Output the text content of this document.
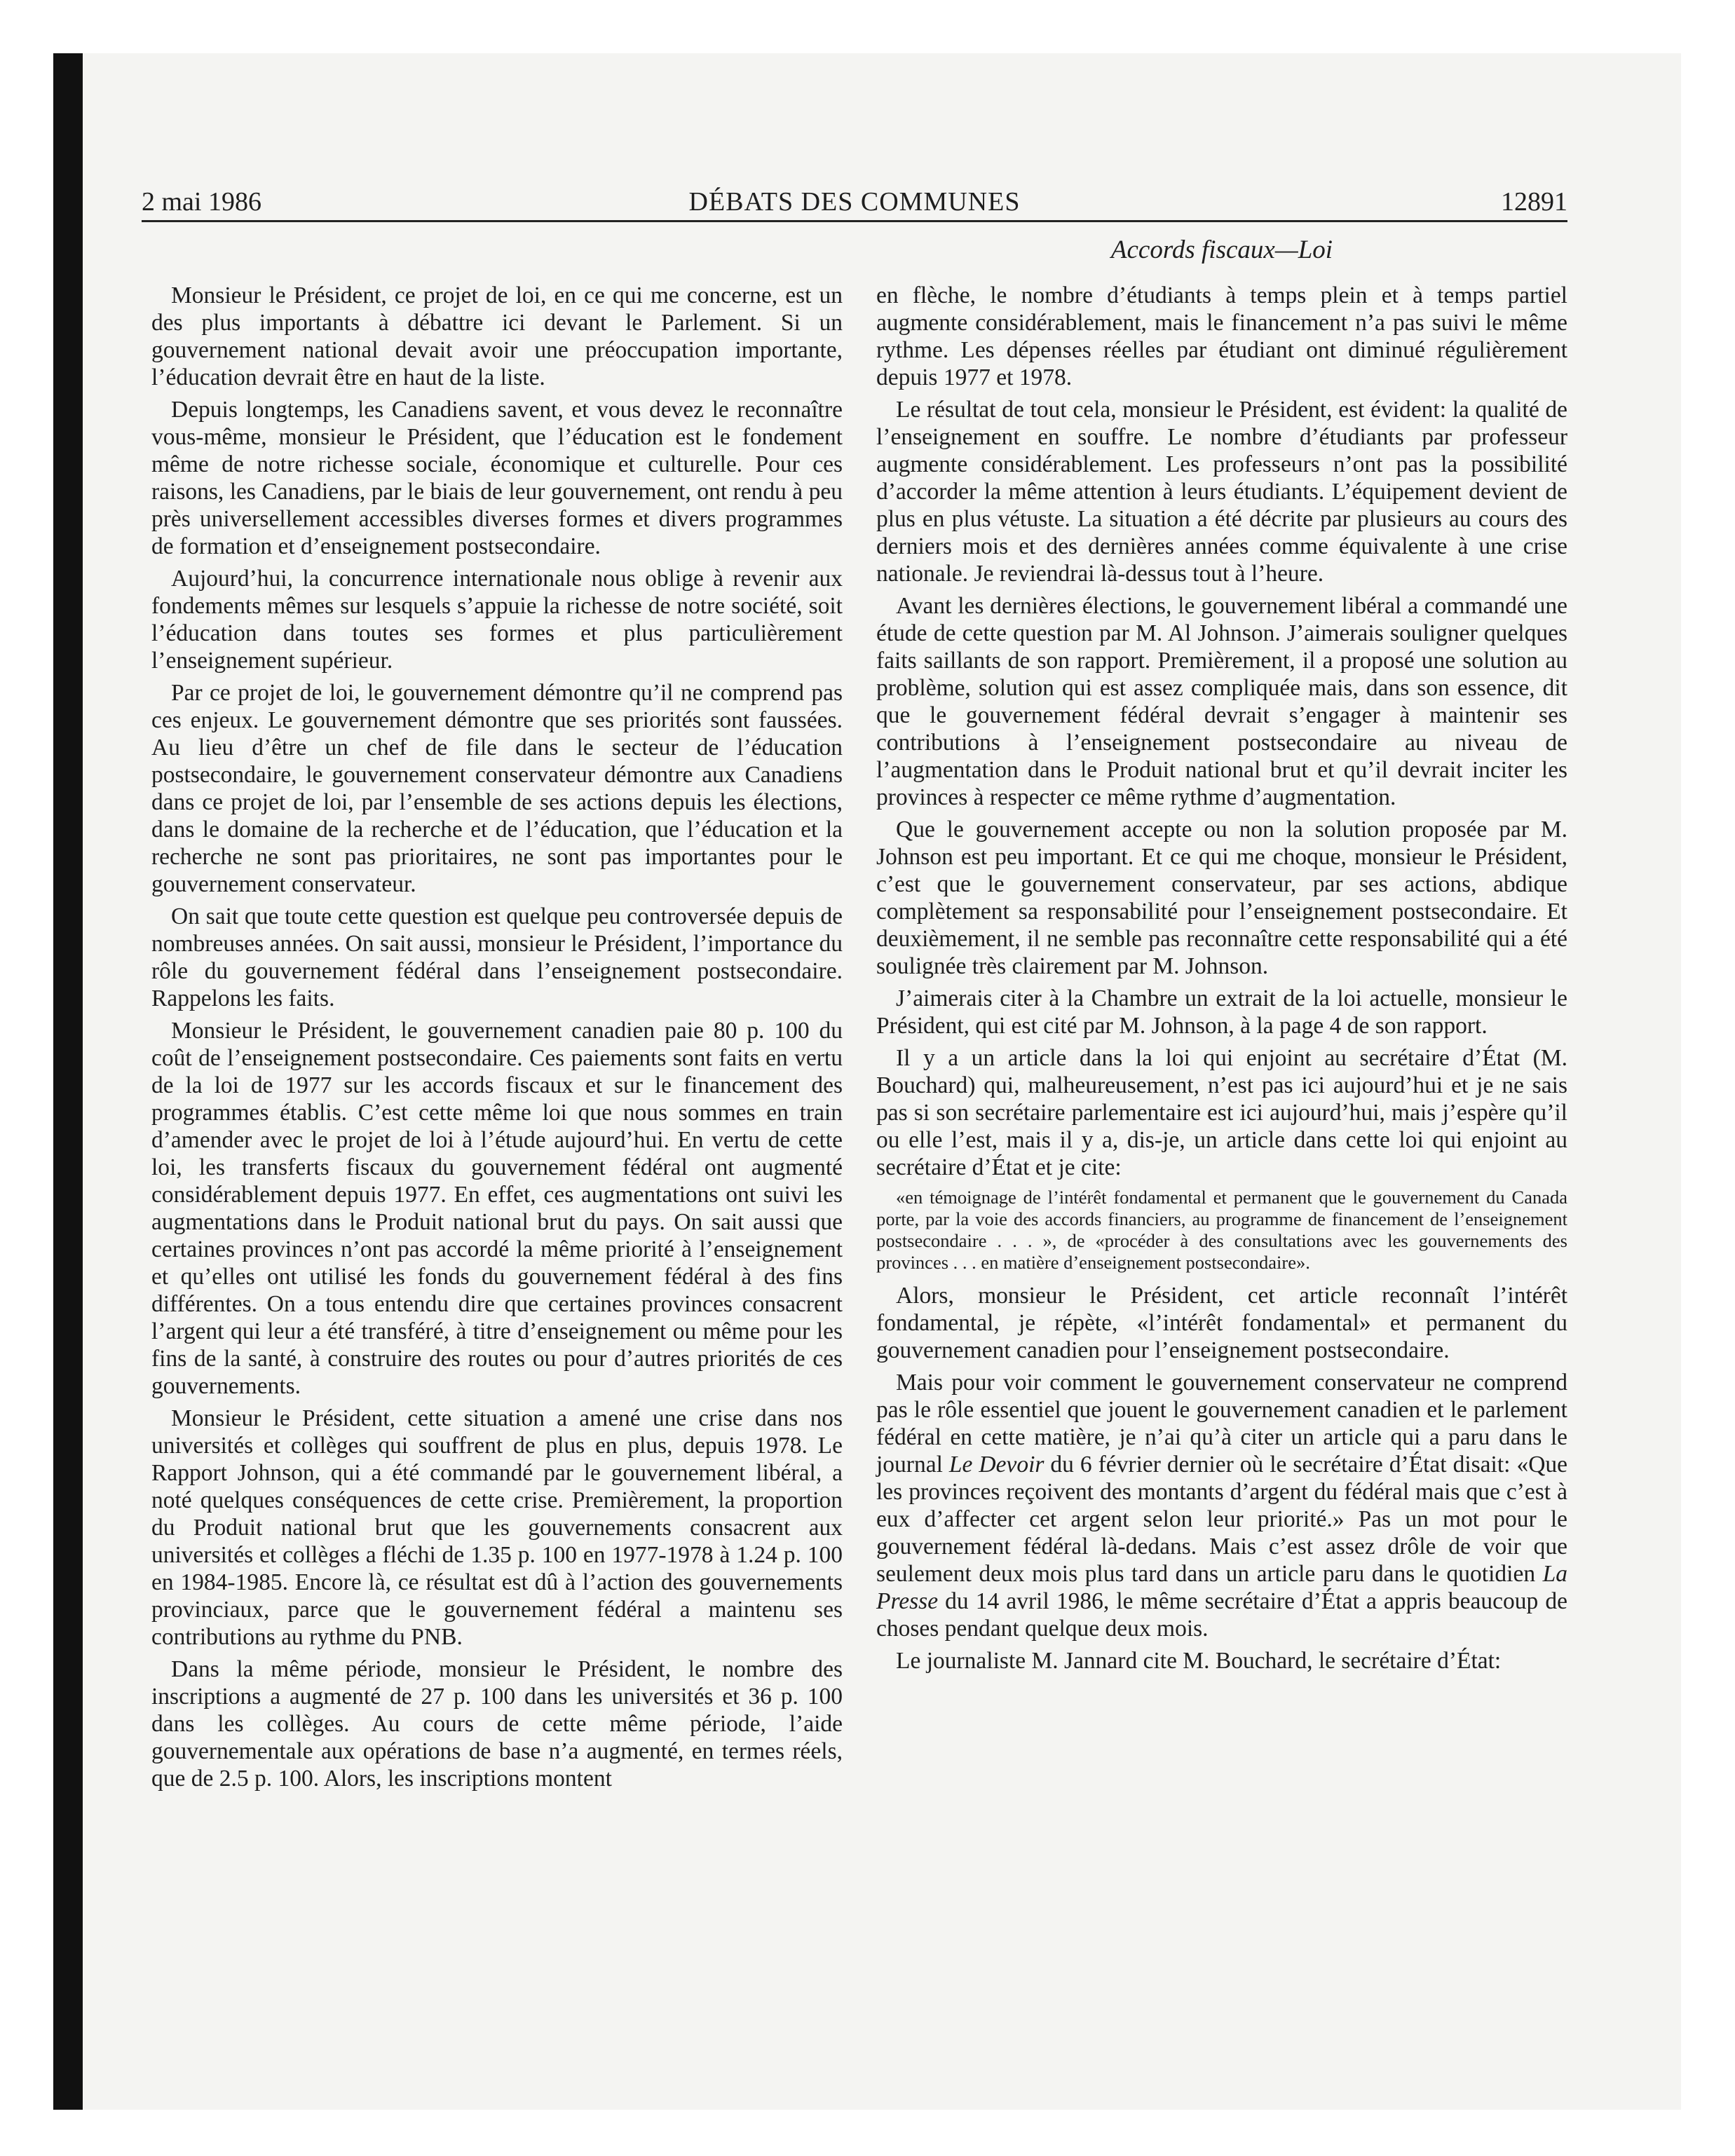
2 mai 1986	DÉBATS DES COMMUNES	12891
Accords fiscaux—Loi

Monsieur le Président, ce projet de loi, en ce qui me concerne, est un des plus importants à débattre ici devant le Parlement. Si un gouvernement national devait avoir une préoccupation importante, l’éducation devrait être en haut de la liste.

Depuis longtemps, les Canadiens savent, et vous devez le reconnaître vous-même, monsieur le Président, que l’éducation est le fondement même de notre richesse sociale, économique et culturelle. Pour ces raisons, les Canadiens, par le biais de leur gouvernement, ont rendu à peu près universellement accessibles diverses formes et divers programmes de formation et d’enseignement postsecondaire.

Aujourd’hui, la concurrence internationale nous oblige à revenir aux fondements mêmes sur lesquels s’appuie la richesse de notre société, soit l’éducation dans toutes ses formes et plus particulièrement l’enseignement supérieur.

Par ce projet de loi, le gouvernement démontre qu’il ne comprend pas ces enjeux. Le gouvernement démontre que ses priorités sont faussées. Au lieu d’être un chef de file dans le secteur de l’éducation postsecondaire, le gouvernement conservateur démontre aux Canadiens dans ce projet de loi, par l’ensemble de ses actions depuis les élections, dans le domaine de la recherche et de l’éducation, que l’éducation et la recherche ne sont pas prioritaires, ne sont pas importantes pour le gouvernement conservateur.

On sait que toute cette question est quelque peu controversée depuis de nombreuses années. On sait aussi, monsieur le Président, l’importance du rôle du gouvernement fédéral dans l’enseignement postsecondaire. Rappelons les faits.

Monsieur le Président, le gouvernement canadien paie 80 p. 100 du coût de l’enseignement postsecondaire. Ces paiements sont faits en vertu de la loi de 1977 sur les accords fiscaux et sur le financement des programmes établis. C’est cette même loi que nous sommes en train d’amender avec le projet de loi à l’étude aujourd’hui. En vertu de cette loi, les transferts fiscaux du gouvernement fédéral ont augmenté considérablement depuis 1977. En effet, ces augmentations ont suivi les augmentations dans le Produit national brut du pays. On sait aussi que certaines provinces n’ont pas accordé la même priorité à l’enseignement et qu’elles ont utilisé les fonds du gouvernement fédéral à des fins différentes. On a tous entendu dire que certaines provinces consacrent l’argent qui leur a été transféré, à titre d’enseignement ou même pour les fins de la santé, à construire des routes ou pour d’autres priorités de ces gouvernements.

Monsieur le Président, cette situation a amené une crise dans nos universités et collèges qui souffrent de plus en plus, depuis 1978. Le Rapport Johnson, qui a été commandé par le gouvernement libéral, a noté quelques conséquences de cette crise. Premièrement, la proportion du Produit national brut que les gouvernements consacrent aux universités et collèges a fléchi de 1.35 p. 100 en 1977-1978 à 1.24 p. 100 en 1984-1985. Encore là, ce résultat est dû à l’action des gouvernements provinciaux, parce que le gouvernement fédéral a maintenu ses contributions au rythme du PNB.

Dans la même période, monsieur le Président, le nombre des inscriptions a augmenté de 27 p. 100 dans les universités et 36 p. 100 dans les collèges. Au cours de cette même période, l’aide gouvernementale aux opérations de base n’a augmenté, en termes réels, que de 2.5 p. 100. Alors, les inscriptions montent

en flèche, le nombre d’étudiants à temps plein et à temps partiel augmente considérablement, mais le financement n’a pas suivi le même rythme. Les dépenses réelles par étudiant ont diminué régulièrement depuis 1977 et 1978.

Le résultat de tout cela, monsieur le Président, est évident: la qualité de l’enseignement en souffre. Le nombre d’étudiants par professeur augmente considérablement. Les professeurs n’ont pas la possibilité d’accorder la même attention à leurs étudiants. L’équipement devient de plus en plus vétuste. La situation a été décrite par plusieurs au cours des derniers mois et des dernières années comme équivalente à une crise nationale. Je reviendrai là-dessus tout à l’heure.

Avant les dernières élections, le gouvernement libéral a commandé une étude de cette question par M. Al Johnson. J’aimerais souligner quelques faits saillants de son rapport. Premièrement, il a proposé une solution au problème, solution qui est assez compliquée mais, dans son essence, dit que le gouvernement fédéral devrait s’engager à maintenir ses contributions à l’enseignement postsecondaire au niveau de l’augmentation dans le Produit national brut et qu’il devrait inciter les provinces à respecter ce même rythme d’augmentation.

Que le gouvernement accepte ou non la solution proposée par M. Johnson est peu important. Et ce qui me choque, monsieur le Président, c’est que le gouvernement conservateur, par ses actions, abdique complètement sa responsabilité pour l’enseignement postsecondaire. Et deuxièmement, il ne semble pas reconnaître cette responsabilité qui a été soulignée très clairement par M. Johnson.

J’aimerais citer à la Chambre un extrait de la loi actuelle, monsieur le Président, qui est cité par M. Johnson, à la page 4 de son rapport.

Il y a un article dans la loi qui enjoint au secrétaire d’État (M. Bouchard) qui, malheureusement, n’est pas ici aujourd’hui et je ne sais pas si son secrétaire parlementaire est ici aujourd’hui, mais j’espère qu’il ou elle l’est, mais il y a, dis-je, un article dans cette loi qui enjoint au secrétaire d’État et je cite:

«en témoignage de l’intérêt fondamental et permanent que le gouvernement du Canada porte, par la voie des accords financiers, au programme de financement de l’enseignement postsecondaire . . . », de «procéder à des consultations avec les gouvernements des provinces . . . en matière d’enseignement postsecondaire».

Alors, monsieur le Président, cet article reconnaît l’intérêt fondamental, je répète, «l’intérêt fondamental» et permanent du gouvernement canadien pour l’enseignement postsecondaire.

Mais pour voir comment le gouvernement conservateur ne comprend pas le rôle essentiel que jouent le gouvernement canadien et le parlement fédéral en cette matière, je n’ai qu’à citer un article qui a paru dans le journal Le Devoir du 6 février dernier où le secrétaire d’État disait: «Que les provinces reçoivent des montants d’argent du fédéral mais que c’est à eux d’affecter cet argent selon leur priorité.» Pas un mot pour le gouvernement fédéral là-dedans. Mais c’est assez drôle de voir que seulement deux mois plus tard dans un article paru dans le quotidien La Presse du 14 avril 1986, le même secrétaire d’État a appris beaucoup de choses pendant quelque deux mois.

Le journaliste M. Jannard cite M. Bouchard, le secrétaire d’État:
